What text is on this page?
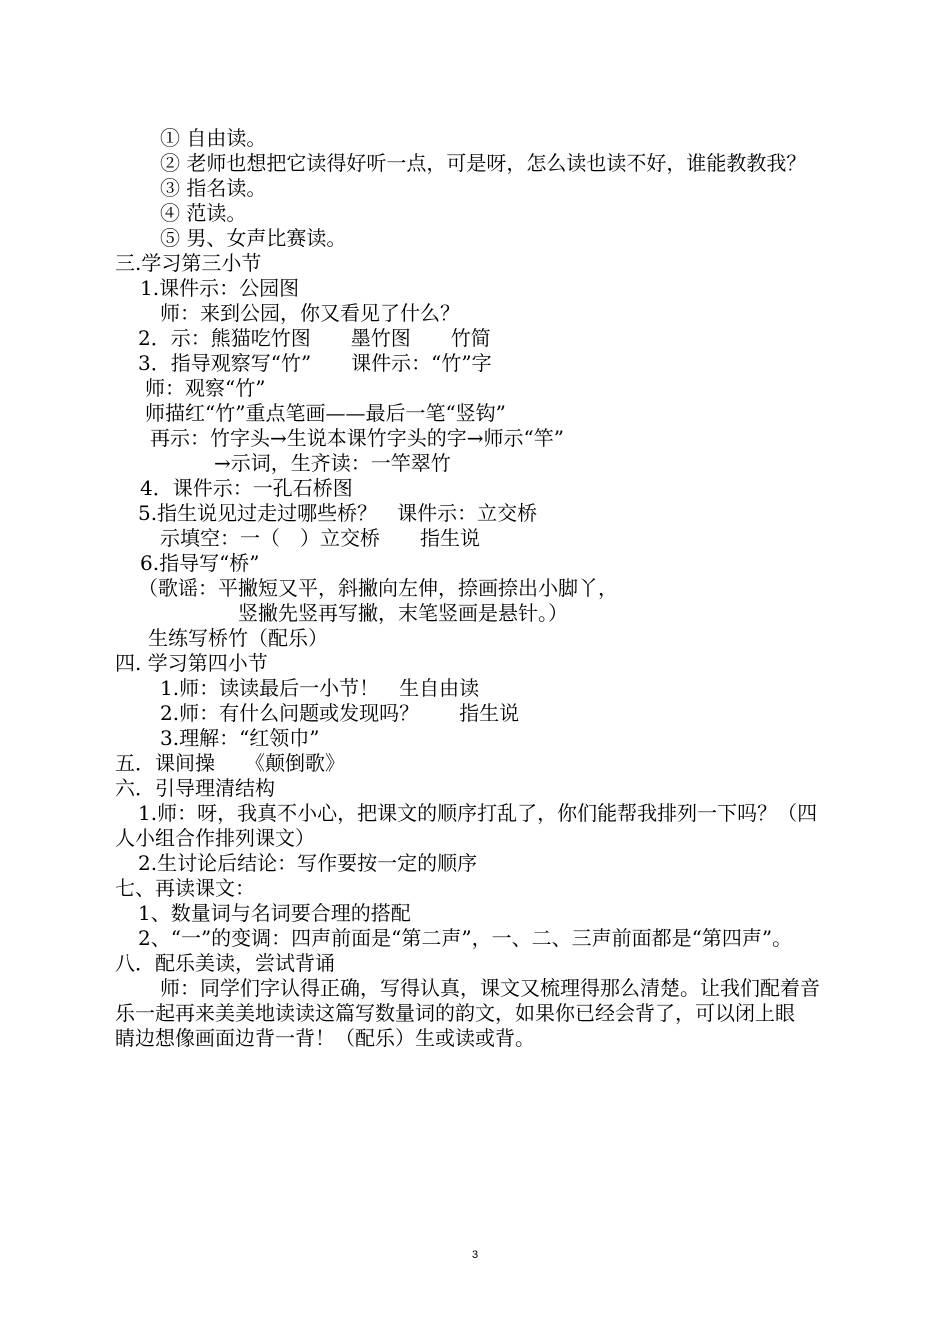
① 自由读。
② 老师也想把它读得好听一点，可是呀，怎么读也读不好，谁能教教我？
③ 指名读。
④ 范读。
⑤ 男、女声比赛读。
三.学习第三小节
1.课件示：公园图
师：来到公园，你又看见了什么？
2．示：熊猫吃竹图　　墨竹图　　竹简
3．指导观察写“竹”　　课件示：“竹”字
师：观察“竹”
师描红“竹”重点笔画——最后一笔“竖钩”
再示：竹字头→生说本课竹字头的字→师示“竿”
→示词，生齐读：一竿翠竹
4．课件示：一孔石桥图
5.指生说见过走过哪些桥？　课件示：立交桥
示填空：一（　）立交桥　　指生说
6.指导写“桥”
（歌谣：平撇短又平，斜撇向左伸，捺画捺出小脚丫，
竖撇先竖再写撇，末笔竖画是悬针。）
生练写桥竹（配乐）
四. 学习第四小节
1.师：读读最后一小节！　生自由读
2.师：有什么问题或发现吗？　　指生说
3.理解：“红领巾”
五．课间操　　《颠倒歌》
六．引导理清结构
1.师：呀，我真不小心，把课文的顺序打乱了，你们能帮我排列一下吗？（四
人小组合作排列课文）
2.生讨论后结论：写作要按一定的顺序
七、再读课文：
1、数量词与名词要合理的搭配
2、“一”的变调：四声前面是“第二声”，一、二、三声前面都是“第四声”。
八．配乐美读，尝试背诵
师：同学们字认得正确，写得认真，课文又梳理得那么清楚。让我们配着音
乐一起再来美美地读读这篇写数量词的韵文，如果你已经会背了，可以闭上眼
睛边想像画面边背一背！（配乐）生或读或背。
3
